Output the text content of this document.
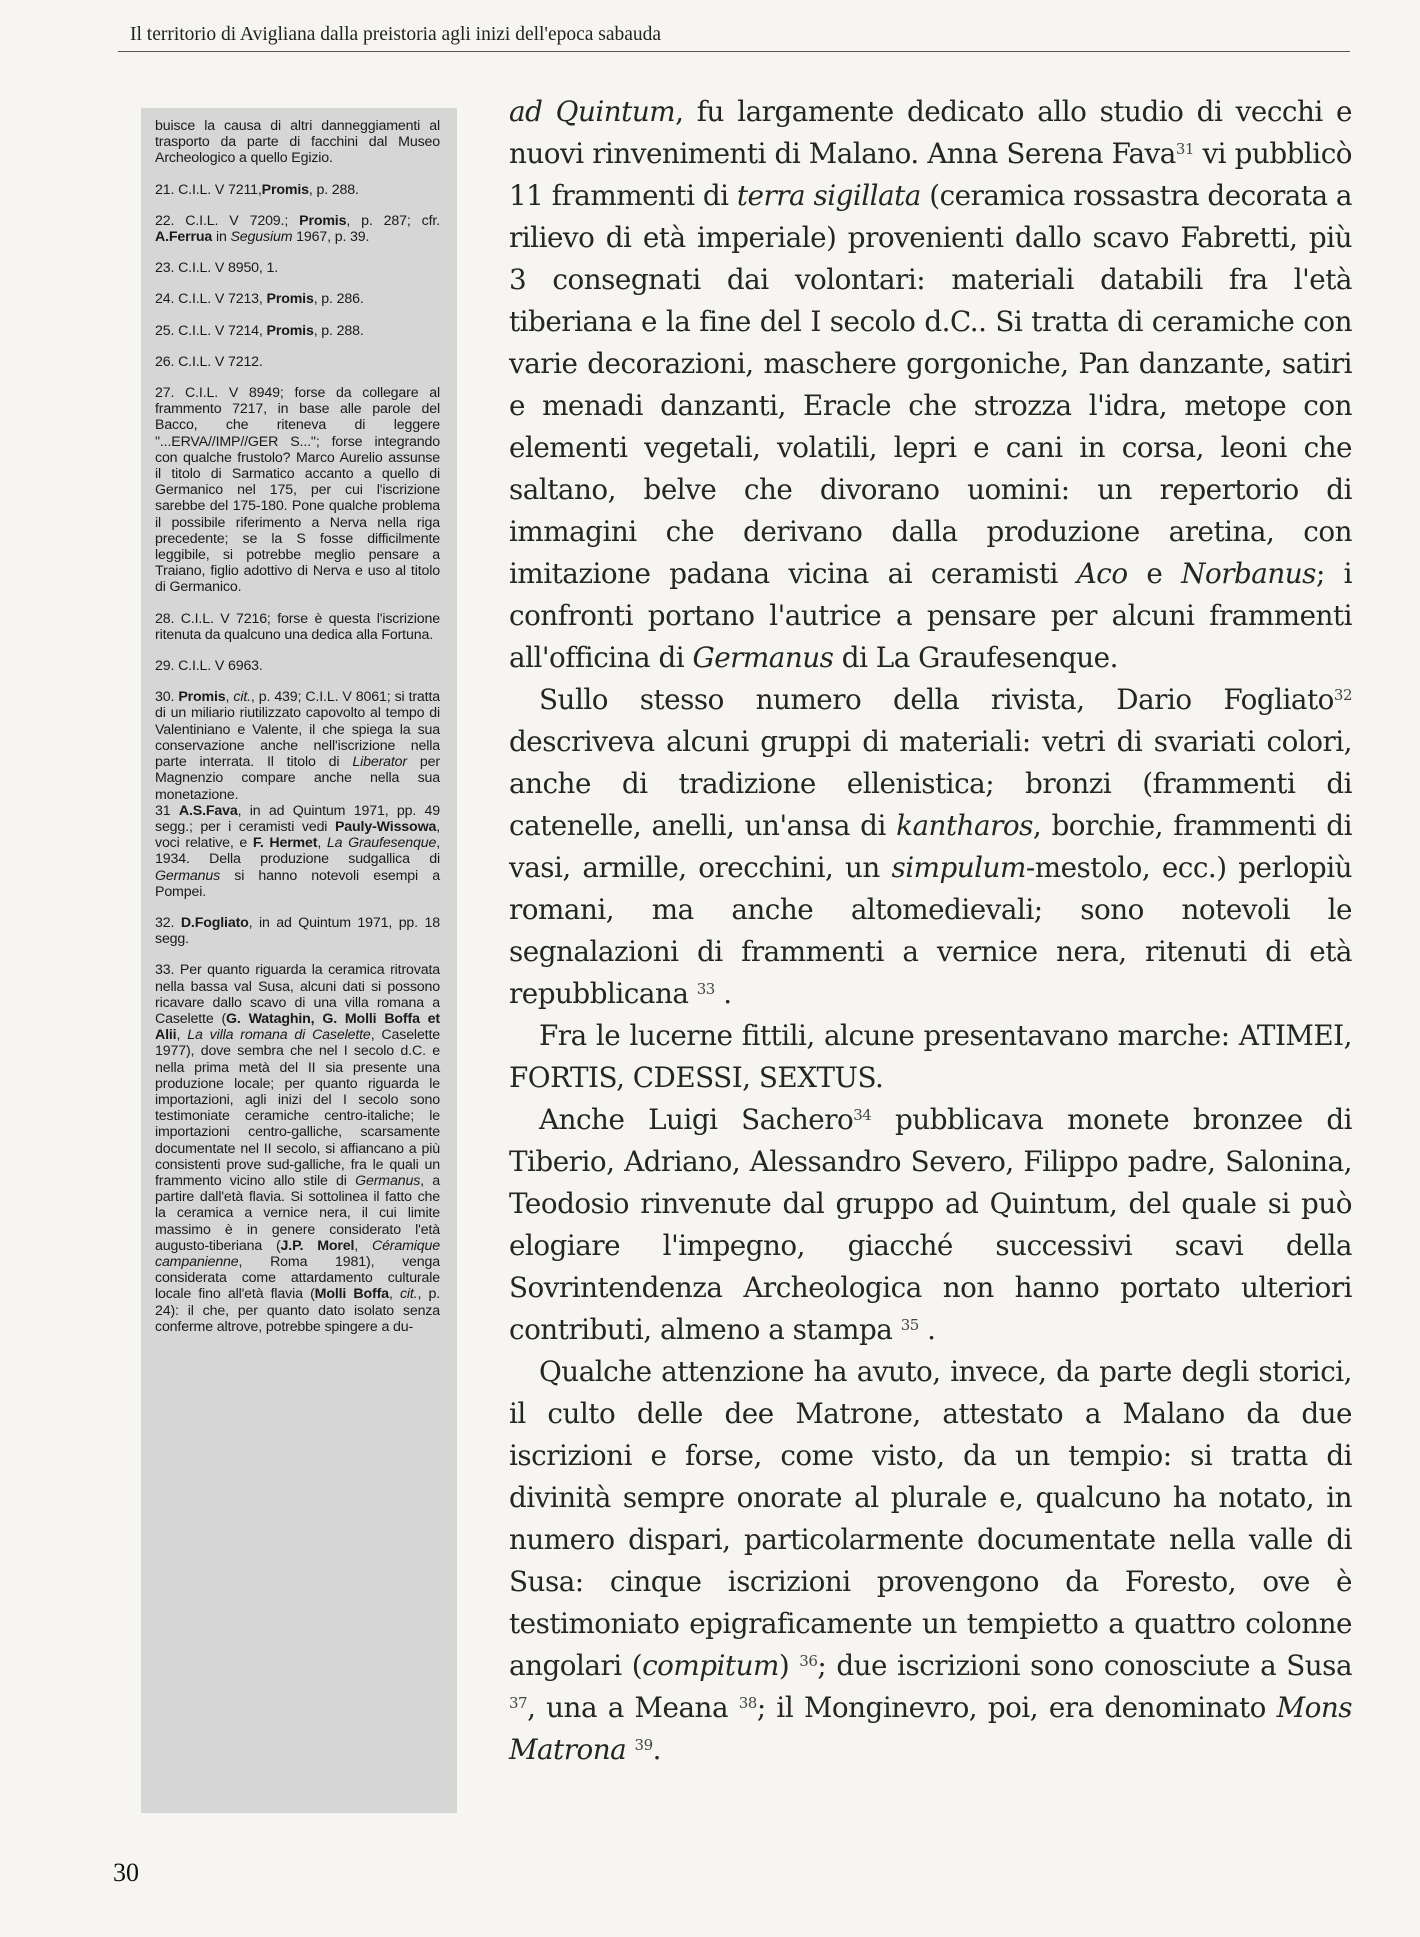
Il territorio di Avigliana dalla preistoria agli inizi dell'epoca sabauda

buisce la causa di altri danneggiamenti al trasporto da parte di facchini dal Museo Archeologico a quello Egizio.

21. C.I.L. V 7211,Promis, p. 288.

22. C.I.L. V 7209.; Promis, p. 287; cfr. A.Ferrua in Segusium 1967, p. 39.

23. C.I.L. V 8950, 1.

24. C.I.L. V 7213, Promis, p. 286.

25. C.I.L. V 7214, Promis, p. 288.

26. C.I.L. V 7212.

27. C.I.L. V 8949; forse da collegare al frammento 7217, in base alle parole del Bacco, che riteneva di leggere "...ERVA//IMP//GER S..."; forse integrando con qualche frustolo? Marco Aurelio assunse il titolo di Sarmatico accanto a quello di Germanico nel 175, per cui l'iscrizione sarebbe del 175-180. Pone qualche problema il possibile riferimento a Nerva nella riga precedente; se la S fosse difficilmente leggibile, si potrebbe meglio pensare a Traiano, figlio adottivo di Nerva e uso al titolo di Germanico.

28. C.I.L. V 7216; forse è questa l'iscrizione ritenuta da qualcuno una dedica alla Fortuna.

29. C.I.L. V 6963.

30. Promis, cit., p. 439; C.I.L. V 8061; si tratta di un miliario riutilizzato capovolto al tempo di Valentiniano e Valente, il che spiega la sua conservazione anche nell'iscrizione nella parte interrata. Il titolo di Liberator per Magnenzio compare anche nella sua monetazione.
31 A.S.Fava, in ad Quintum 1971, pp. 49 segg.; per i ceramisti vedi Pauly-Wissowa, voci relative, e F. Hermet, La Graufesenque, 1934. Della produzione sudgallica di Germanus si hanno notevoli esempi a Pompei.

32. D.Fogliato, in ad Quintum 1971, pp. 18 segg.

33. Per quanto riguarda la ceramica ritrovata nella bassa val Susa, alcuni dati si possono ricavare dallo scavo di una villa romana a Caselette (G. Wataghin, G. Molli Boffa et Alii, La villa romana di Caselette, Caselette 1977), dove sembra che nel I secolo d.C. e nella prima metà del II sia presente una produzione locale; per quanto riguarda le importazioni, agli inizi del I secolo sono testimoniate ceramiche centro-italiche; le importazioni centro-galliche, scarsamente documentate nel II secolo, si affiancano a più consistenti prove sud-galliche, fra le quali un frammento vicino allo stile di Germanus, a partire dall'età flavia. Si sottolinea il fatto che la ceramica a vernice nera, il cui limite massimo è in genere considerato l'età augusto-tiberiana (J.P. Morel, Céramique campanienne, Roma 1981), venga considerata come attardamento culturale locale fino all'età flavia (Molli Boffa, cit., p. 24): il che, per quanto dato isolato senza conferme altrove, potrebbe spingere a du-

ad Quintum, fu largamente dedicato allo studio di vecchi e nuovi rinvenimenti di Malano. Anna Serena Fava$^{31}$ vi pubblicò 11 frammenti di terra sigillata (ceramica rossastra decorata a rilievo di età imperiale) provenienti dallo scavo Fabretti, più 3 consegnati dai volontari: materiali databili fra l'età tiberiana e la fine del I secolo d.C.. Si tratta di ceramiche con varie decorazioni, maschere gorgoniche, Pan danzante, satiri e menadi danzanti, Eracle che strozza l'idra, metope con elementi vegetali, volatili, lepri e cani in corsa, leoni che saltano, belve che divorano uomini: un repertorio di immagini che derivano dalla produzione aretina, con imitazione padana vicina ai ceramisti Aco e Norbanus; i confronti portano l'autrice a pensare per alcuni frammenti all'officina di Germanus di La Graufesenque.

Sullo stesso numero della rivista, Dario Fogliato$^{32}$ descriveva alcuni gruppi di materiali: vetri di svariati colori, anche di tradizione ellenistica; bronzi (frammenti di catenelle, anelli, un'ansa di kantharos, borchie, frammenti di vasi, armille, orecchini, un simpulum-mestolo, ecc.) perlopiù romani, ma anche altomedievali; sono notevoli le segnalazioni di frammenti a vernice nera, ritenuti di età repubblicana $^{33}$ .

Fra le lucerne fittili, alcune presentavano marche: ATIMEI, FORTIS, CDESSI, SEXTUS.

Anche Luigi Sachero$^{34}$ pubblicava monete bronzee di Tiberio, Adriano, Alessandro Severo, Filippo padre, Salonina, Teodosio rinvenute dal gruppo ad Quintum, del quale si può elogiare l'impegno, giacché successivi scavi della Sovrintendenza Archeologica non hanno portato ulteriori contributi, almeno a stampa $^{35}$ .

Qualche attenzione ha avuto, invece, da parte degli storici, il culto delle dee Matrone, attestato a Malano da due iscrizioni e forse, come visto, da un tempio: si tratta di divinità sempre onorate al plurale e, qualcuno ha notato, in numero dispari, particolarmente documentate nella valle di Susa: cinque iscrizioni provengono da Foresto, ove è testimoniato epigraficamente un tempietto a quattro colonne angolari (compitum) $^{36}$; due iscrizioni sono conosciute a Susa $^{37}$, una a Meana $^{38}$; il Monginevro, poi, era denominato Mons Matrona $^{39}$.

30
